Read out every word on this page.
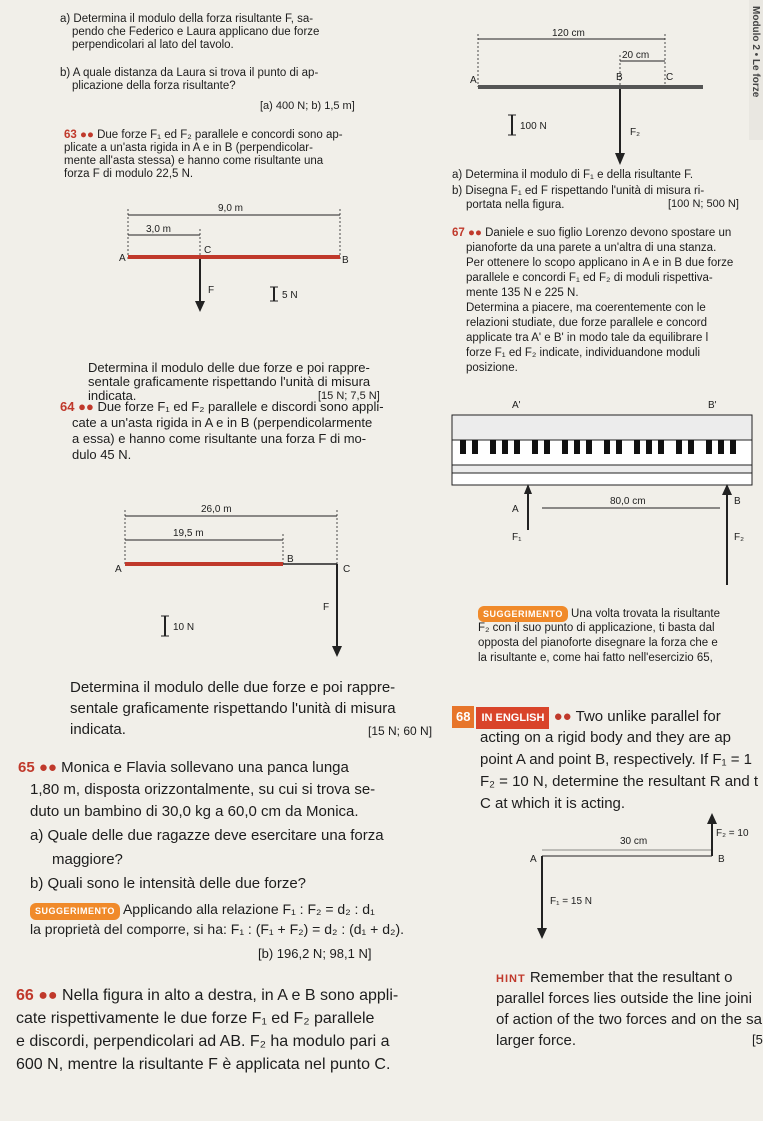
Modulo 2 • Le forze
a) Determina il modulo della forza risultante F, sa-
pendo che Federico e Laura applicano due forze
perpendicolari al lato del tavolo.
b) A quale distanza da Laura si trova il punto di ap-
plicazione della forza risultante?
[a) 400 N; b) 1,5 m]
120 cm
20 cm
A	B	C
100 N
F₂
63 ●● Due forze F₁ ed F₂ parallele e concordi sono ap-
plicate a un'asta rigida in A e in B (perpendicolar-
mente all'asta stessa) e hanno come risultante una
forza F di modulo 22,5 N.
9,0 m
3,0 m
A	B
C
F	5 N
Determina il modulo delle due forze e poi rappre-
sentale graficamente rispettando l'unità di misura
indicata.	[15 N; 7,5 N]
a) Determina il modulo di F₁ e della risultante F.
b) Disegna F₁ ed F rispettando l'unità di misura ri-
portata nella figura.	[100 N; 500 N]
67 ●● Daniele e suo figlio Lorenzo devono spostare un
pianoforte da una parete a un'altra di una stanza.
Per ottenere lo scopo applicano in A e in B due forze
parallele e concordi F₁ ed F₂ di moduli rispettiva-
mente 135 N e 225 N.
Determina a piacere, ma coerentemente con le
relazioni studiate, due forze parallele e concord
applicate tra A' e B' in modo tale da equilibrare l
forze F₁ ed F₂ indicate, individuandone moduli
posizione.
A'	B'
A
B
80,0 cm
F₁	F₂
SUGGERIMENTO Una volta trovata la risultante
F₂ con il suo punto di applicazione, ti basta dal
opposta del pianoforte disegnare la forza che e
la risultante e, come hai fatto nell'esercizio 65,
64 ●● Due forze F₁ ed F₂ parallele e discordi sono appli-
cate a un'asta rigida in A e in B (perpendicolarmente
a essa) e hanno come risultante una forza F di mo-
dulo 45 N.
26,0 m
19,5 m
A
B
C
F
10 N
Determina il modulo delle due forze e poi rappre-
sentale graficamente rispettando l'unità di misura
indicata.	[15 N; 60 N]
68 IN ENGLISH ●● Two unlike parallel for
acting on a rigid body and they are ap
point A and point B, respectively. If F₁ = 1
F₂ = 10 N, determine the resultant R and t
C at which it is acting.
F₂ = 10
30 cm
A	B
F₁ = 15 N
HINT Remember that the resultant o
parallel forces lies outside the line joini
of action of the two forces and on the sa
larger force.	[5
65 ●● Monica e Flavia sollevano una panca lunga
1,80 m, disposta orizzontalmente, su cui si trova se-
duto un bambino di 30,0 kg a 60,0 cm da Monica.
a) Quale delle due ragazze deve esercitare una forza
maggiore?
b) Quali sono le intensità delle due forze?
SUGGERIMENTO Applicando alla relazione F₁ : F₂ = d₂ : d₁
la proprietà del comporre, si ha: F₁ : (F₁ + F₂) = d₂ : (d₁ + d₂).
[b) 196,2 N; 98,1 N]
66 ●● Nella figura in alto a destra, in A e B sono appli-
cate rispettivamente le due forze F₁ ed F₂ parallele
e discordi, perpendicolari ad AB. F₂ ha modulo pari a
600 N, mentre la risultante F è applicata nel punto C.
